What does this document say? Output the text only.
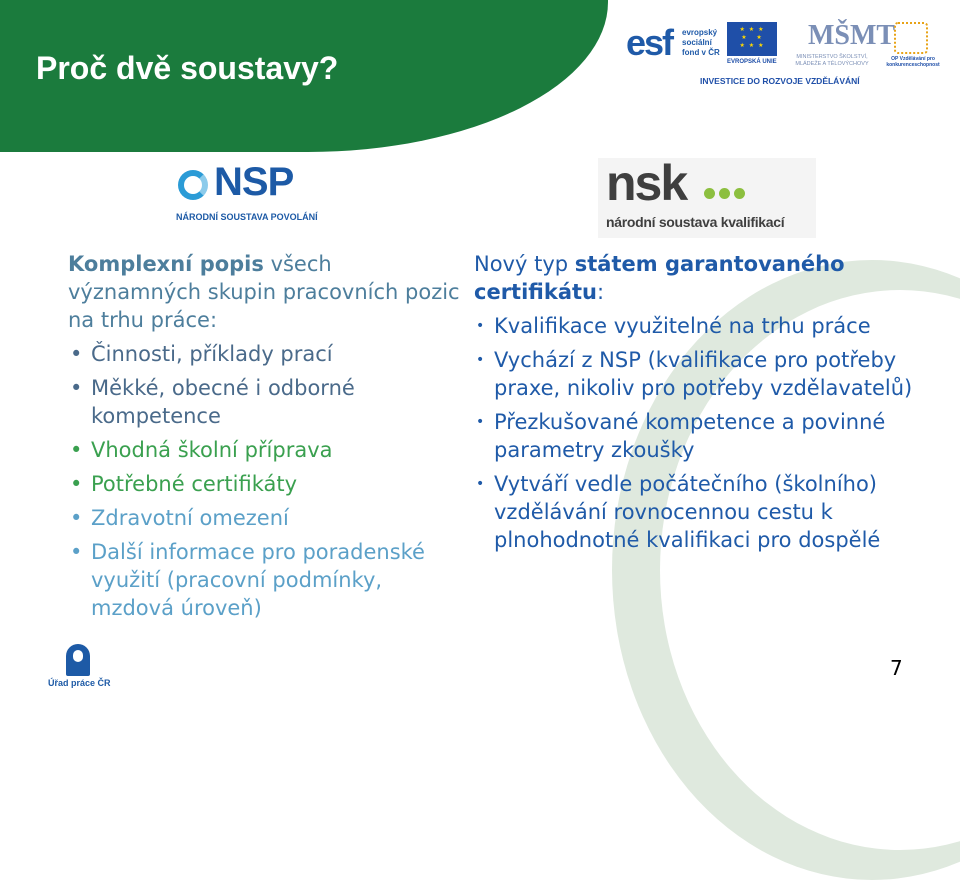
Proč dvě soustavy?
esf evropský
sociální
fond v ČR
★ ★ ★
★   ★
★ ★ ★
EVROPSKÁ UNIE
MŠMT
MINISTERSTVO ŠKOLSTVÍ, MLÁDEŽE A TĚLOVÝCHOVY
OP Vzdělávání pro konkurenceschopnost
INVESTICE DO ROZVOJE VZDĚLÁVÁNÍ
NSP
NÁRODNÍ SOUSTAVA POVOLÁNÍ
nsk
národní soustava kvalifikací

Komplexní popis všech významných skupin pracovních pozic na trhu práce:

• Činnosti, příklady prací
• Měkké, obecné i odborné kompetence
• Vhodná školní příprava
• Potřebné certifikáty
• Zdravotní omezení
• Další informace pro poradenské využití (pracovní podmínky, mzdová úroveň)

Nový typ státem garantovaného certifikátu:

• Kvalifikace využitelné na trhu práce
• Vychází z NSP (kvalifikace pro potřeby praxe, nikoliv pro potřeby vzdělavatelů)
• Přezkušované kompetence a povinné parametry zkoušky
• Vytváří vedle počátečního (školního) vzdělávání rovnocennou cestu k plnohodnotné kvalifikaci pro dospělé
Úřad práce ČR
7
